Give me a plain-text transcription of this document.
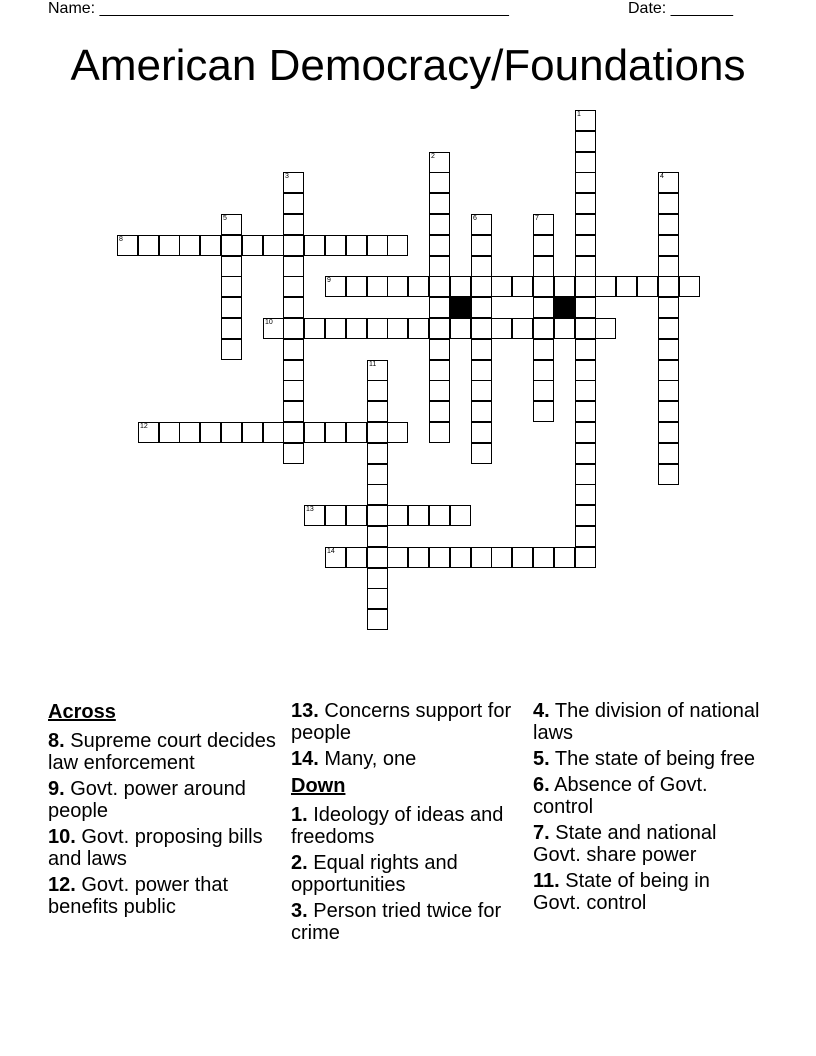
Name: ______________________________________________	Date: _______
American Democracy/Foundations
8
9
10
12
13
14
1
2
3	4
5	6	7
11
Across
8. Supreme court decides law enforcement
9. Govt. power around people
10. Govt. proposing bills and laws
12. Govt. power that benefits public
13. Concerns support for people
14. Many, one
Down
1. Ideology of ideas and freedoms
2. Equal rights and opportunities
3. Person tried twice for crime
4. The division of national laws
5. The state of being free
6. Absence of Govt. control
7. State and national Govt. share power
11. State of being in Govt. control
